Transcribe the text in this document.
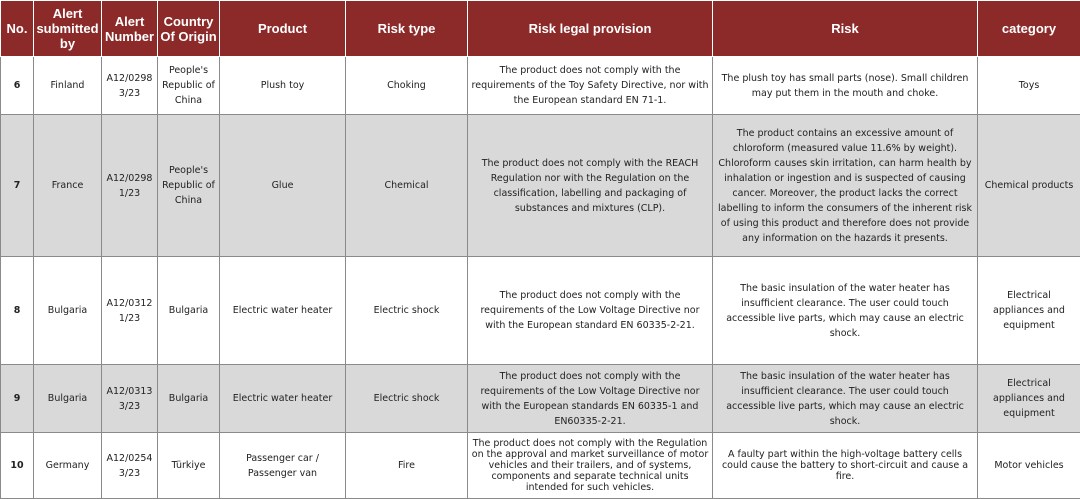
No.	Alert submitted by	Alert Number	Country Of Origin	Product	Risk type	Risk legal provision	Risk	category
6	Finland	A12/0298 3/23	People's Republic of China	Plush toy	Choking	The product does not comply with the requirements of the Toy Safety Directive, nor with the European standard EN 71-1.	The plush toy has small parts (nose). Small children may put them in the mouth and choke.	Toys
7	France	A12/0298 1/23	People's Republic of China	Glue	Chemical	The product does not comply with the REACH Regulation nor with the Regulation on the classification, labelling and packaging of substances and mixtures (CLP).	The product contains an excessive amount of chloroform (measured value 11.6% by weight). Chloroform causes skin irritation, can harm health by inhalation or ingestion and is suspected of causing cancer. Moreover, the product lacks the correct labelling to inform the consumers of the inherent risk of using this product and therefore does not provide any information on the hazards it presents.	Chemical products
8	Bulgaria	A12/0312 1/23	Bulgaria	Electric water heater	Electric shock	The product does not comply with the requirements of the Low Voltage Directive nor with the European standard EN 60335-2-21.	The basic insulation of the water heater has insufficient clearance. The user could touch accessible live parts, which may cause an electric shock.	Electrical appliances and equipment
9	Bulgaria	A12/0313 3/23	Bulgaria	Electric water heater	Electric shock	The product does not comply with the requirements of the Low Voltage Directive nor with the European standards EN 60335-1 and EN60335-2-21.	The basic insulation of the water heater has insufficient clearance. The user could touch accessible live parts, which may cause an electric shock.	Electrical appliances and equipment
10	Germany	A12/0254 3/23	Türkiye	Passenger car / Passenger van	Fire	The product does not comply with the Regulation on the approval and market surveillance of motor vehicles and their trailers, and of systems, components and separate technical units intended for such vehicles.	A faulty part within the high-voltage battery cells could cause the battery to short-circuit and cause a fire.	Motor vehicles
